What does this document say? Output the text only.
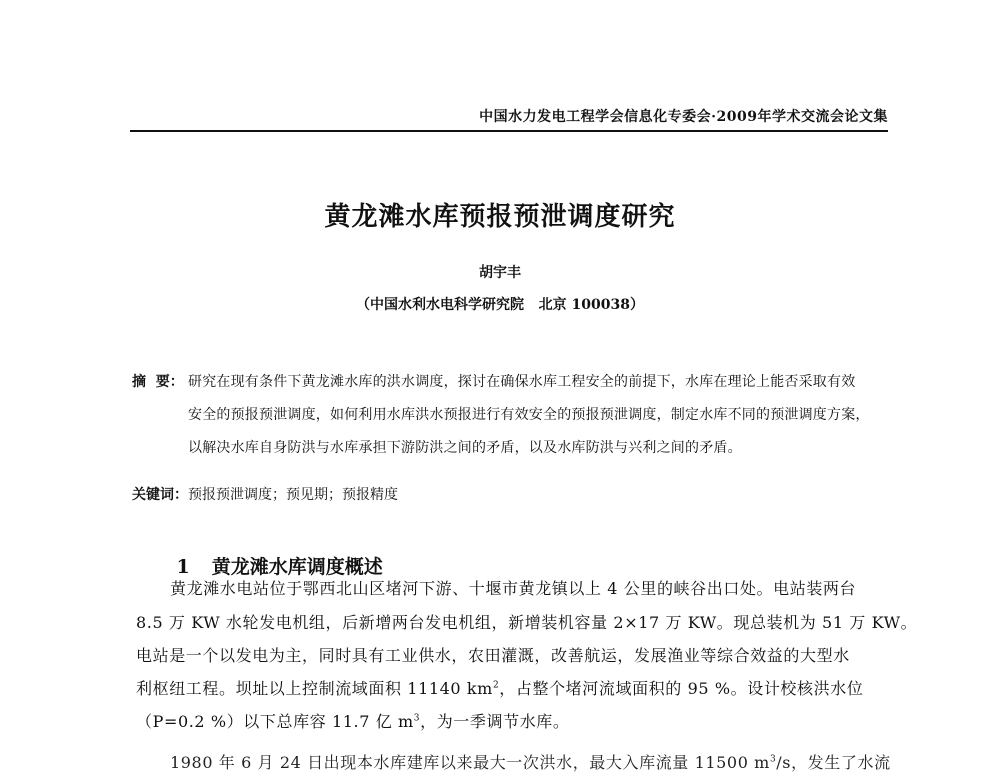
中国水力发电工程学会信息化专委会·2009年学术交流会论文集
黄龙滩水库预报预泄调度研究
胡宇丰
（中国水利水电科学研究院   北京 100038）
摘  要： 研究在现有条件下黄龙滩水库的洪水调度，探讨在确保水库工程安全的前提下，水库在理论上能否采取有效
安全的预报预泄调度，如何利用水库洪水预报进行有效安全的预报预泄调度，制定水库不同的预泄调度方案，
以解决水库自身防洪与水库承担下游防洪之间的矛盾，以及水库防洪与兴利之间的矛盾。
关键词：预报预泄调度；预见期；预报精度

1 黄龙滩水库调度概述

黄龙滩水电站位于鄂西北山区堵河下游、十堰市黄龙镇以上 4 公里的峡谷出口处。电站装两台
8.5 万 KW 水轮发电机组，后新增两台发电机组，新增装机容量 2×17 万 KW。现总装机为 51 万 KW。
电站是一个以发电为主，同时具有工业供水，农田灌溉，改善航运，发展渔业等综合效益的大型水
利枢纽工程。坝址以上控制流域面积 11140 $km^2$，占整个堵河流域面积的 95 %。设计校核洪水位
（P=0.2 %）以下总库容 11.7 亿 $m^3$，为一季调节水库。
1980 年 6 月 24 日出现本水库建库以来最大一次洪水，最大入库流量 11500 $m^3/s$，发生了水流
